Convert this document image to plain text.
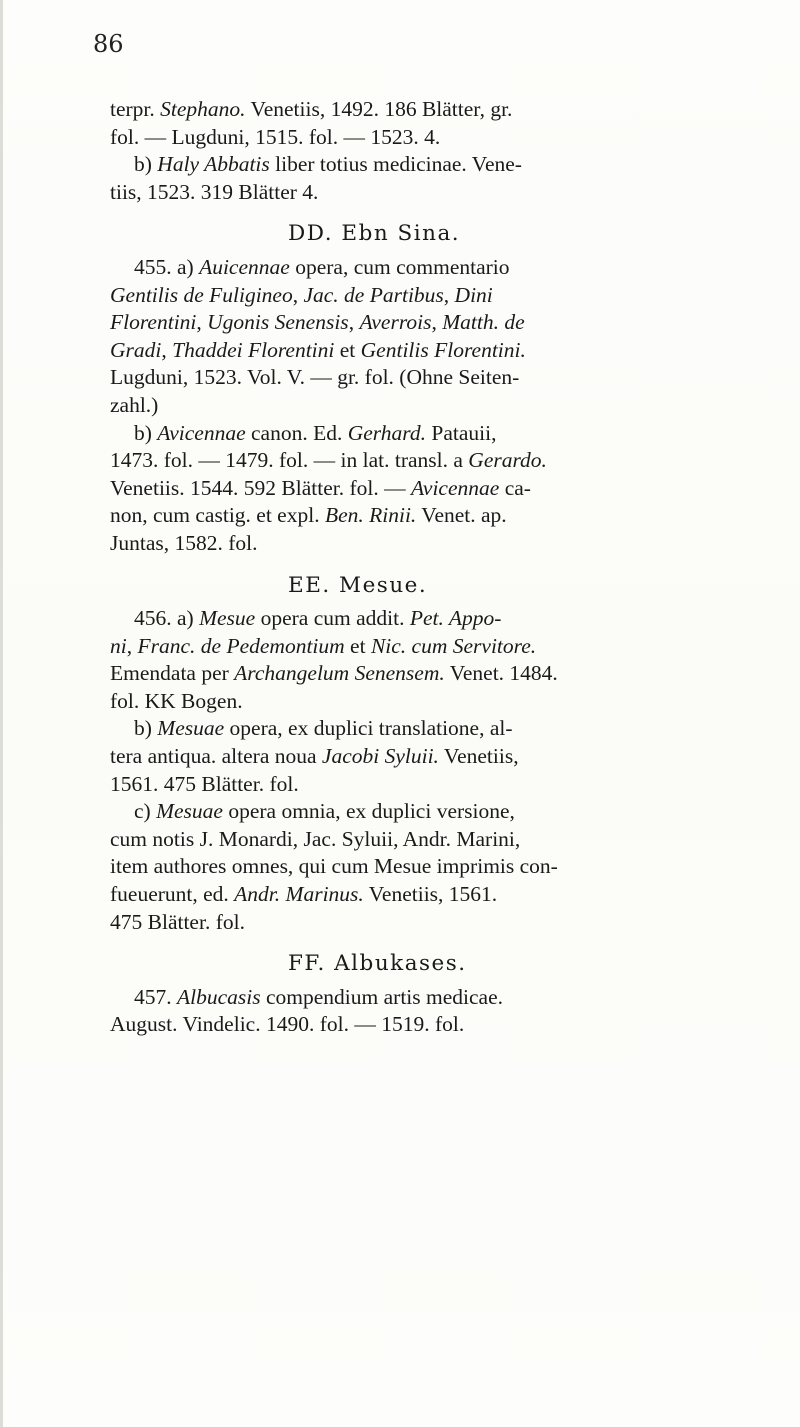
86
terpr. Stephano. Venetiis, 1492. 186 Blätter, gr.
fol. — Lugduni, 1515. fol. — 1523. 4.
b) Haly Abbatis liber totius medicinae. Vene-
tiis, 1523. 319 Blätter 4.
DD. Ebn Sina.
455. a) Auicennae opera, cum commentario
Gentilis de Fuligineo, Jac. de Partibus, Dini
Florentini, Ugonis Senensis, Averrois, Matth. de
Gradi, Thaddei Florentini et Gentilis Florentini.
Lugduni, 1523. Vol. V. — gr. fol. (Ohne Seiten-
zahl.)
b) Avicennae canon. Ed. Gerhard. Patauii,
1473. fol. — 1479. fol. — in lat. transl. a Gerardo.
Venetiis. 1544. 592 Blätter. fol. — Avicennae ca-
non, cum castig. et expl. Ben. Rinii. Venet. ap.
Juntas, 1582. fol.
EE. Mesue.
456. a) Mesue opera cum addit. Pet. Appo-
ni, Franc. de Pedemontium et Nic. cum Servitore.
Emendata per Archangelum Senensem. Venet. 1484.
fol. KK Bogen.
b) Mesuae opera, ex duplici translatione, al-
tera antiqua. altera noua Jacobi Syluii. Venetiis,
1561. 475 Blätter. fol.
c) Mesuae opera omnia, ex duplici versione,
cum notis J. Monardi, Jac. Syluii, Andr. Marini,
item authores omnes, qui cum Mesue imprimis con-
fueuerunt, ed. Andr. Marinus. Venetiis, 1561.
475 Blätter. fol.
FF. Albukases.
457. Albucasis compendium artis medicae.
August. Vindelic. 1490. fol. — 1519. fol.
